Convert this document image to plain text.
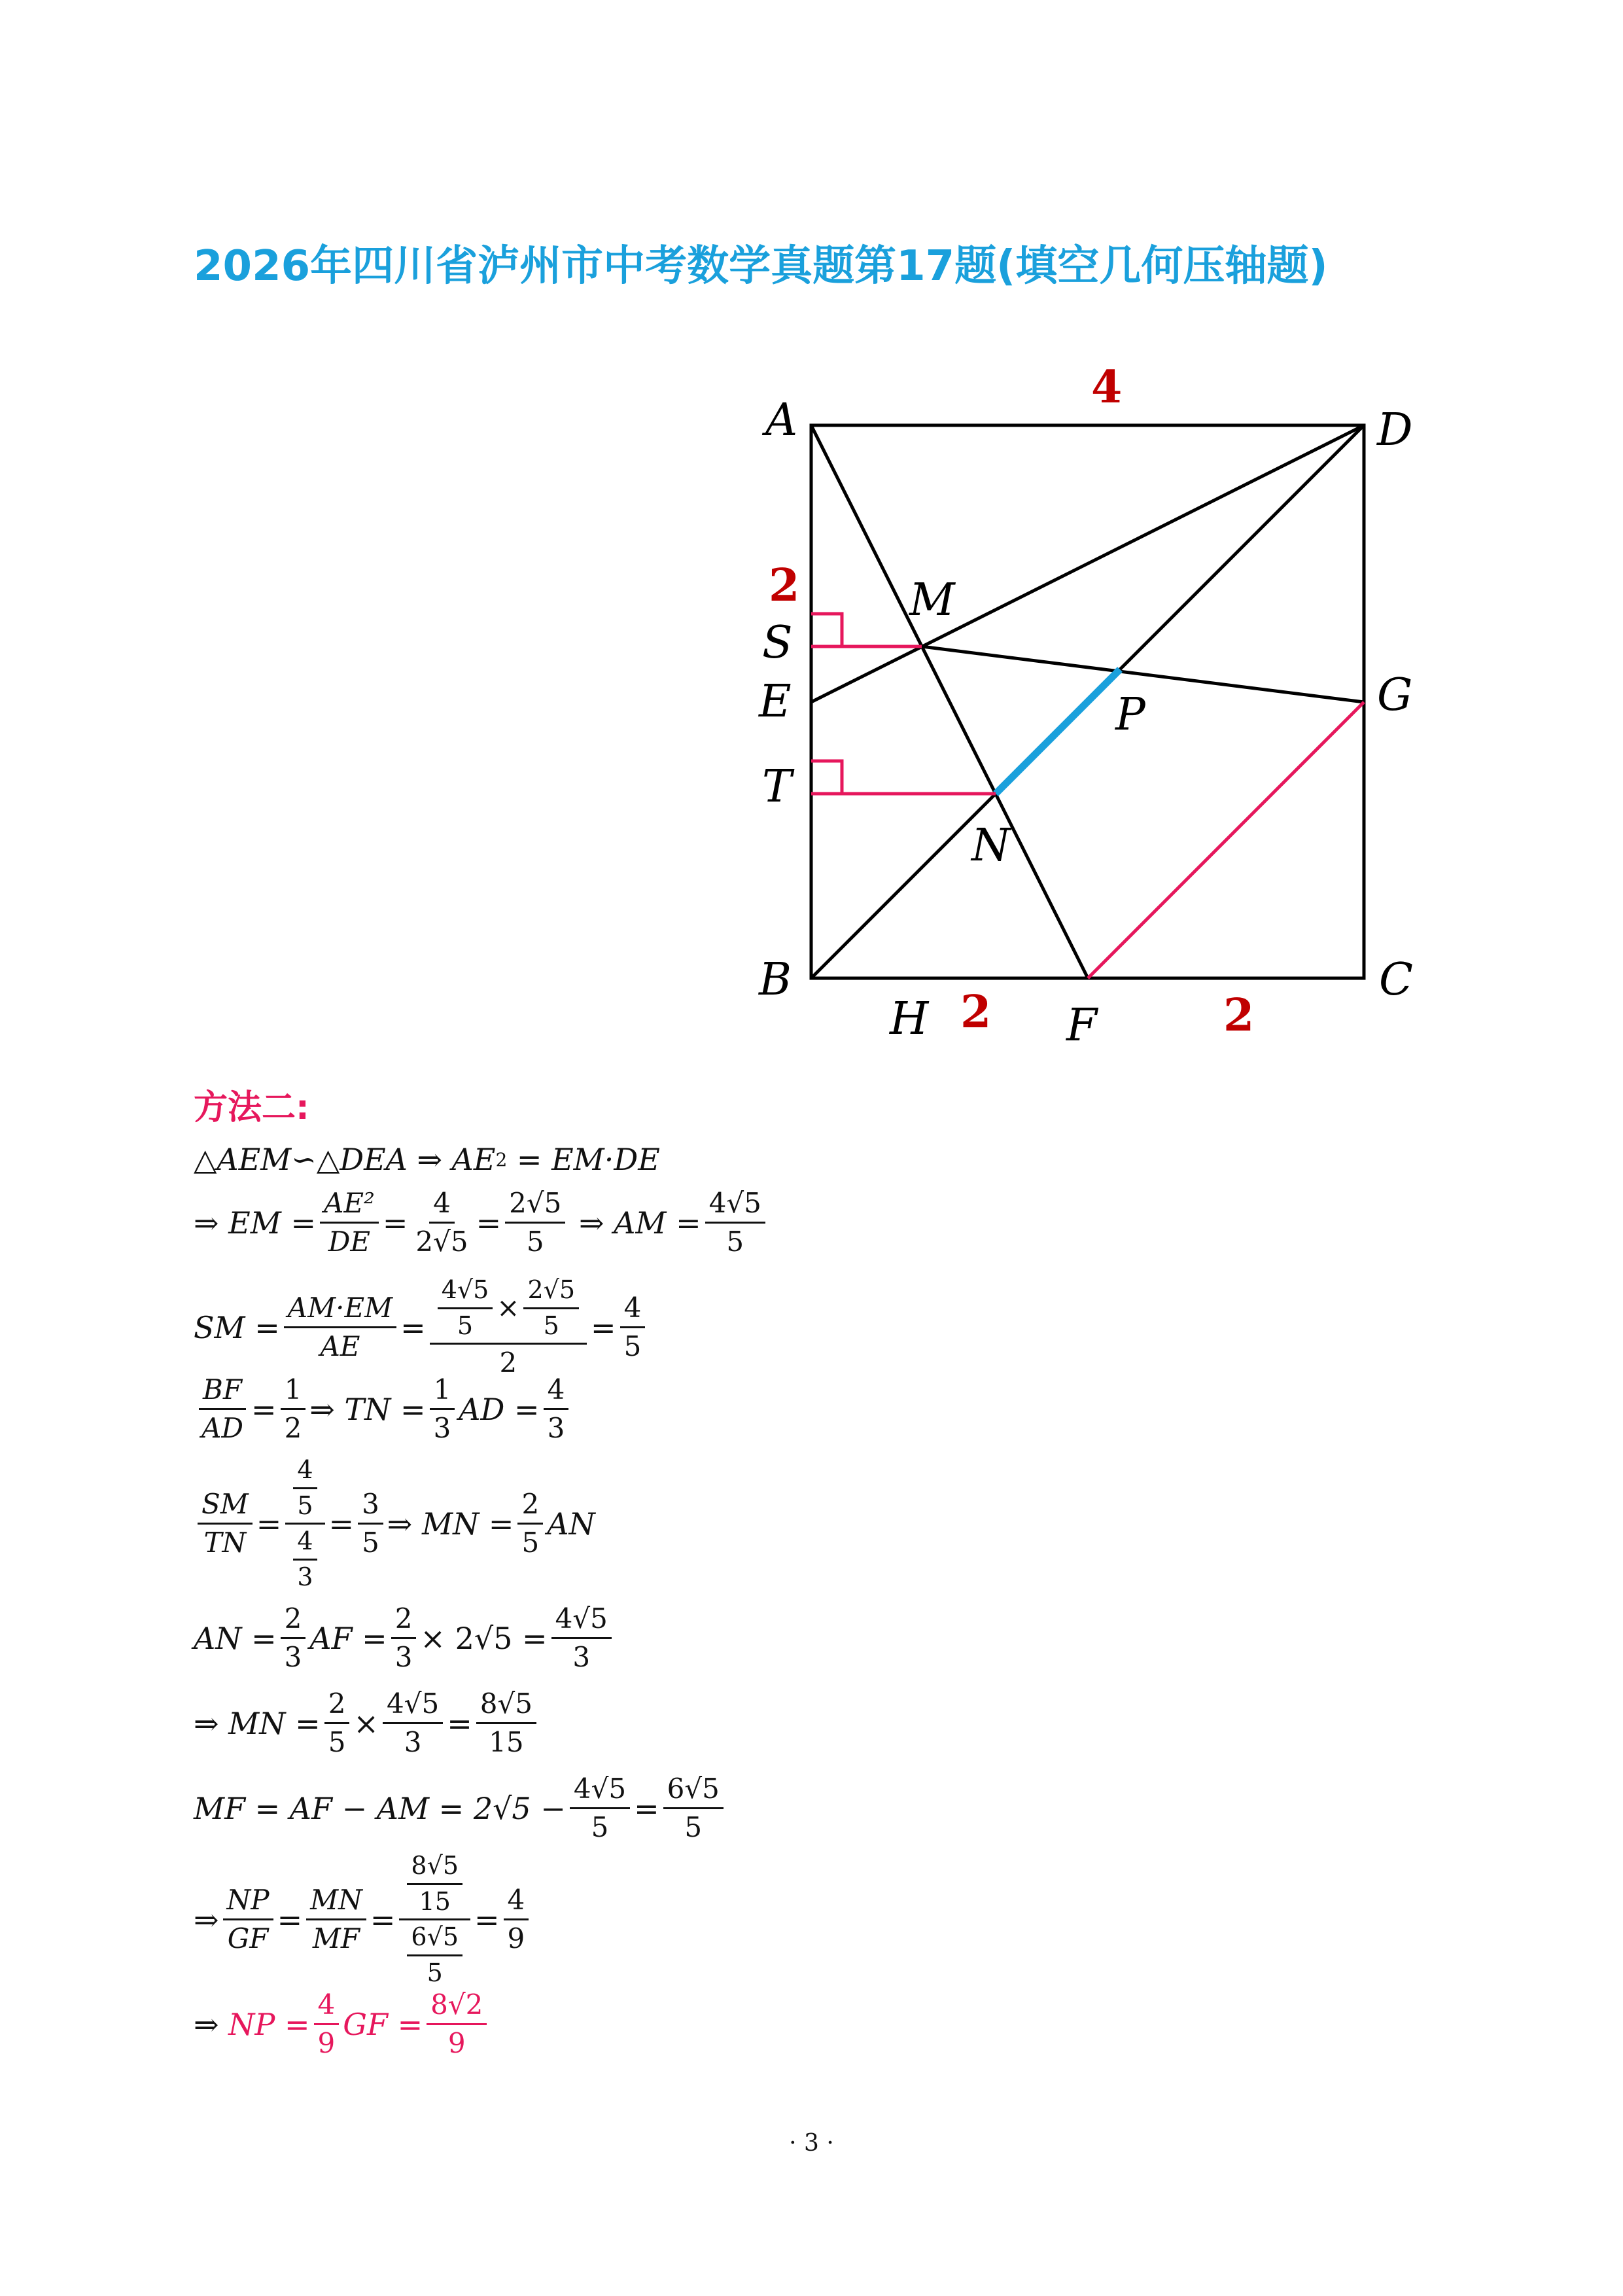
2026年四川省泸州市中考数学真题第17题(填空几何压轴题)
A	D
M
S
E	G
P
T
N
B	C
H	F
4
2
2	2
方法二:
△AEM∽△DEA ⇒ AE 2
= EM·DE
⇒ EM = $\frac{\text{AE²}}{DE} = \frac{4}{2√5} = \frac{2√5}{5}$
⇒ AM = $\frac{4√5}{5}$
SM = $\frac{AM\cdot EM}{AE} = \frac{\frac{4√5}{5} \times \frac{2√5}{5}}{2} = \frac{4}{5}$
$\frac{BF}{AD} = \frac{1}{2}$ ⇒ TN = $\frac{1}{3}$ AD = $\frac{4}{3}$
$\frac{SM}{TN} = \frac{\frac{4}{5}}{\frac{4}{3}} = \frac{3}{5}$ ⇒ MN = $\frac{2}{5}$ AN
AN = $\frac{2}{3}$ AF = $\frac{2}{3} \times 2√5 = \frac{4√5}{3}$
⇒ MN = $\frac{2}{5} \times \frac{4√5}{3} = \frac{8√5}{15}$
MF = AF − AM = $2√5 - \frac{4√5}{5} = \frac{6√5}{5}$
⇒ $\frac{NP}{GF} = \frac{MN}{MF} = \frac{\frac{8√5}{15}}{\frac{6√5}{5}} = \frac{4}{9}$
⇒
NP = $\frac{4}{9}$ GF = $\frac{8√2}{9}$
· 3 ·
